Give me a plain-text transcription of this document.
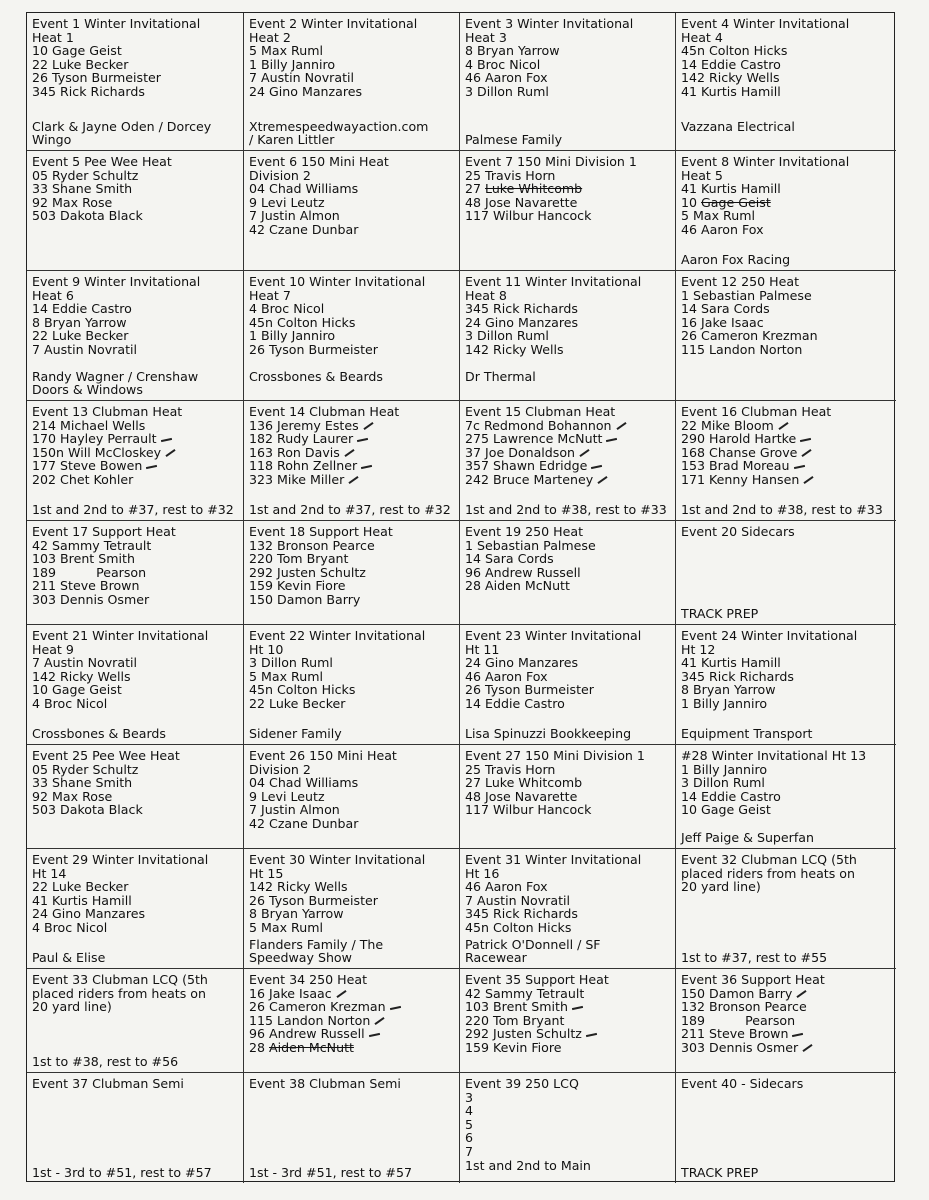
Event 1 Winter Invitational
Heat 1
10 Gage Geist
22 Luke Becker
26 Tyson Burmeister
345 Rick Richards
Clark & Jayne Oden / Dorcey
Wingo
Event 2 Winter Invitational
Heat 2
5 Max Ruml
1 Billy Janniro
7 Austin Novratil
24 Gino Manzares
Xtremespeedwayaction.com
/ Karen Littler
Event 3 Winter Invitational
Heat 3
8 Bryan Yarrow
4 Broc Nicol
46 Aaron Fox
3 Dillon Ruml
Palmese Family
Event 4 Winter Invitational
Heat 4
45n Colton Hicks
14 Eddie Castro
142 Ricky Wells
41 Kurtis Hamill
Vazzana Electrical

Event 5 Pee Wee Heat
05 Ryder Schultz
33 Shane Smith
92 Max Rose
503 Dakota Black
Event 6 150 Mini Heat
Division 2
04 Chad Williams
9 Levi Leutz
7 Justin Almon
42 Czane Dunbar
Event 7 150 Mini Division 1
25 Travis Horn
27 Luke Whitcomb
48 Jose Navarette
117 Wilbur Hancock
Event 8 Winter Invitational
Heat 5
41 Kurtis Hamill
10 Gage Geist
5 Max Ruml
46 Aaron Fox
Aaron Fox Racing
Event 9 Winter Invitational
Heat 6
14 Eddie Castro
8 Bryan Yarrow
22 Luke Becker
7 Austin Novratil
Randy Wagner / Crenshaw
Doors & Windows
Event 10 Winter Invitational
Heat 7
4 Broc Nicol
45n Colton Hicks
1 Billy Janniro
26 Tyson Burmeister
Crossbones & Beards

Event 11 Winter Invitational
Heat 8
345 Rick Richards
24 Gino Manzares
3 Dillon Ruml
142 Ricky Wells
Dr Thermal

Event 12 250 Heat
1 Sebastian Palmese
14 Sara Cords
16 Jake Isaac
26 Cameron Krezman
115 Landon Norton
Event 13 Clubman Heat
214 Michael Wells
170 Hayley Perrault
150n Will McCloskey
177 Steve Bowen
202 Chet Kohler
1st and 2nd to #37, rest to #32
Event 14 Clubman Heat
136 Jeremy Estes
182 Rudy Laurer
163 Ron Davis
118 Rohn Zellner
323 Mike Miller
1st and 2nd to #37, rest to #32
Event 15 Clubman Heat
7c Redmond Bohannon
275 Lawrence McNutt
37 Joe Donaldson
357 Shawn Edridge
242 Bruce Marteney
1st and 2nd to #38, rest to #33
Event 16 Clubman Heat
22 Mike Bloom
290 Harold Hartke
168 Chanse Grove
153 Brad Moreau
171 Kenny Hansen
1st and 2nd to #38, rest to #33
Event 17 Support Heat
42 Sammy Tetrault
103 Brent Smith
189          Pearson
211 Steve Brown
303 Dennis Osmer
Event 18 Support Heat
132 Bronson Pearce
220 Tom Bryant
292 Justen Schultz
159 Kevin Fiore
150 Damon Barry
Event 19 250 Heat
1 Sebastian Palmese
14 Sara Cords
96 Andrew Russell
28 Aiden McNutt
Event 20 Sidecars
TRACK PREP
Event 21 Winter Invitational
Heat 9
7 Austin Novratil
142 Ricky Wells
10 Gage Geist
4 Broc Nicol
Crossbones & Beards
Event 22 Winter Invitational
Ht 10
3 Dillon Ruml
5 Max Ruml
45n Colton Hicks
22 Luke Becker
Sidener Family
Event 23 Winter Invitational
Ht 11
24 Gino Manzares
46 Aaron Fox
26 Tyson Burmeister
14 Eddie Castro
Lisa Spinuzzi Bookkeeping
Event 24 Winter Invitational
Ht 12
41 Kurtis Hamill
345 Rick Richards
8 Bryan Yarrow
1 Billy Janniro
Equipment Transport
Event 25 Pee Wee Heat
05 Ryder Schultz
33 Shane Smith
92 Max Rose
503 Dakota Black
Event 26 150 Mini Heat
Division 2
04 Chad Williams
9 Levi Leutz
7 Justin Almon
42 Czane Dunbar
Event 27 150 Mini Division 1
25 Travis Horn
27 Luke Whitcomb
48 Jose Navarette
117 Wilbur Hancock
#28 Winter Invitational Ht 13
1 Billy Janniro
3 Dillon Ruml
14 Eddie Castro
10 Gage Geist
Jeff Paige & Superfan
Event 29 Winter Invitational
Ht 14
22 Luke Becker
41 Kurtis Hamill
24 Gino Manzares
4 Broc Nicol
Paul & Elise
Event 30 Winter Invitational
Ht 15
142 Ricky Wells
26 Tyson Burmeister
8 Bryan Yarrow
5 Max Ruml
Flanders Family / The
Speedway Show
Event 31 Winter Invitational
Ht 16
46 Aaron Fox
7 Austin Novratil
345 Rick Richards
45n Colton Hicks
Patrick O'Donnell / SF
Racewear
Event 32 Clubman LCQ (5th
placed riders from heats on
20 yard line)
1st to #37, rest to #55
Event 33 Clubman LCQ (5th
placed riders from heats on
20 yard line)
1st to #38, rest to #56
Event 34 250 Heat
16 Jake Isaac
26 Cameron Krezman
115 Landon Norton
96 Andrew Russell
28 Aiden McNutt
Event 35 Support Heat
42 Sammy Tetrault
103 Brent Smith
220 Tom Bryant
292 Justen Schultz
159 Kevin Fiore
Event 36 Support Heat
150 Damon Barry
132 Bronson Pearce
189          Pearson
211 Steve Brown
303 Dennis Osmer
Event 37 Clubman Semi
1st - 3rd to #51, rest to #57
Event 38 Clubman Semi
1st - 3rd #51, rest to #57
Event 39 250 LCQ
3
4
5
6
7
1st and 2nd to Main
Event 40 - Sidecars
TRACK PREP
